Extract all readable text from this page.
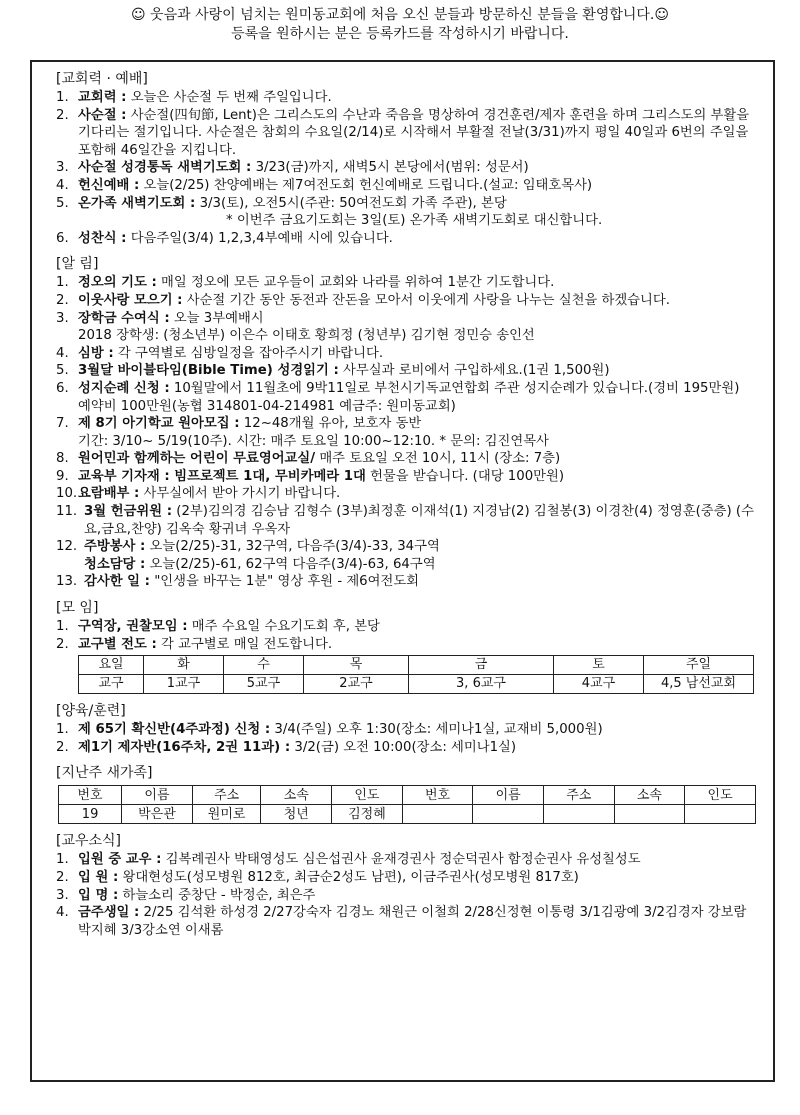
☺ 웃음과 사랑이 넘치는 원미동교회에 처음 오신 분들과 방문하신 분들을 환영합니다.☺
등록을 원하시는 분은 등록카드를 작성하시기 바랍니다.
[교회력 · 예배]
1. 교회력 : 오늘은 사순절 두 번째 주일입니다.
2. 사순절 : 사순절(四旬節, Lent)은 그리스도의 수난과 죽음을 명상하여 경건훈련/제자 훈련을 하며 그리스도의 부활을 기다리는 절기입니다. 사순절은 참회의 수요일(2/14)로 시작해서 부활절 전날(3/31)까지 평일 40일과 6번의 주일을 포함해 46일간을 지킵니다.
3. 사순절 성경통독 새벽기도회 : 3/23(금)까지, 새벽5시 본당에서(범위: 성문서)
4. 헌신예배 : 오늘(2/25) 찬양예배는 제7여전도회 헌신예배로 드립니다.(설교: 임태호목사)
5. 온가족 새벽기도회 : 3/3(토), 오전5시(주관: 50여전도회 가족 주관), 본당
* 이번주 금요기도회는 3일(토) 온가족 새벽기도회로 대신합니다.
6. 성찬식 : 다음주일(3/4) 1,2,3,4부예배 시에 있습니다.
[알 림]
1. 정오의 기도 : 매일 정오에 모든 교우들이 교회와 나라를 위하여 1분간 기도합니다.
2. 이웃사랑 모으기 : 사순절 기간 동안 동전과 잔돈을 모아서 이웃에게 사랑을 나누는 실천을 하겠습니다.
3. 장학금 수여식 : 오늘 3부예배시
2018 장학생: (청소년부) 이은수 이태호 황희정 (청년부) 김기현 정민승 송인선
4. 심방 : 각 구역별로 심방일정을 잡아주시기 바랍니다.
5. 3월달 바이블타임(Bible Time) 성경읽기 : 사무실과 로비에서 구입하세요.(1권 1,500원)
6. 성지순례 신청 : 10월말에서 11월초에 9박11일로 부천시기독교연합회 주관 성지순례가 있습니다.(경비 195만원) 예약비 100만원(농협 314801-04-214981 예금주: 원미동교회)
7. 제 8기 아기학교 원아모집 : 12~48개월 유아, 보호자 동반
기간: 3/10~ 5/19(10주). 시간: 매주 토요일 10:00~12:10. * 문의: 김진연목사
8. 원어민과 함께하는 어린이 무료영어교실/ 매주 토요일 오전 10시, 11시 (장소: 7층)
9. 교육부 기자재 : 빔프로젝트 1대, 무비카메라 1대 헌물을 받습니다. (대당 100만원)
10. 요람배부 : 사무실에서 받아 가시기 바랍니다.
11. 3월 헌금위원 : (2부)김의경 김승남 김형수 (3부)최정훈 이재석(1) 지경남(2) 김철봉(3) 이경찬(4) 정영훈(중층) (수요,금요,찬양) 김옥숙 황귀녀 우옥자
12. 주방봉사 : 오늘(2/25)-31, 32구역, 다음주(3/4)-33, 34구역
청소담당 : 오늘(2/25)-61, 62구역 다음주(3/4)-63, 64구역
13. 감사한 일 : "인생을 바꾸는 1분" 영상 후원 - 제6여전도회
[모 임]
1. 구역장, 권찰모임 : 매주 수요일 수요기도회 후, 본당
2. 교구별 전도 : 각 교구별로 매일 전도합니다.
요일	화	수	목	금	토	주일
교구	1교구	5교구	2교구	3, 6교구	4교구	4,5 남선교회
[양육/훈련]
1. 제 65기 확신반(4주과정) 신청 : 3/4(주일) 오후 1:30(장소: 세미나1실, 교재비 5,000원)
2. 제1기 제자반(16주차, 2권 11과) : 3/2(금) 오전 10:00(장소: 세미나1실)
[지난주 새가족]
번호	이름	주소	소속	인도	번호	이름	주소	소속	인도
19	박은관	원미로	청년	김정혜					
[교우소식]
1. 입원 중 교우 : 김복례권사 박태영성도 심은섭권사 윤재경권사 정순덕권사 함정순권사 유성칠성도
2. 입 원 : 왕대현성도(성모병원 812호, 최금순2성도 남편), 이금주권사(성모병원 817호)
3. 입 명 : 하늘소리 중창단 - 박정순, 최은주
4. 금주생일 : 2/25 김석환 하성경 2/27강숙자 김경노 채원근 이철희 2/28신정현 이통령 3/1김광예 3/2김경자 강보람 박지혜 3/3강소연 이새롬
